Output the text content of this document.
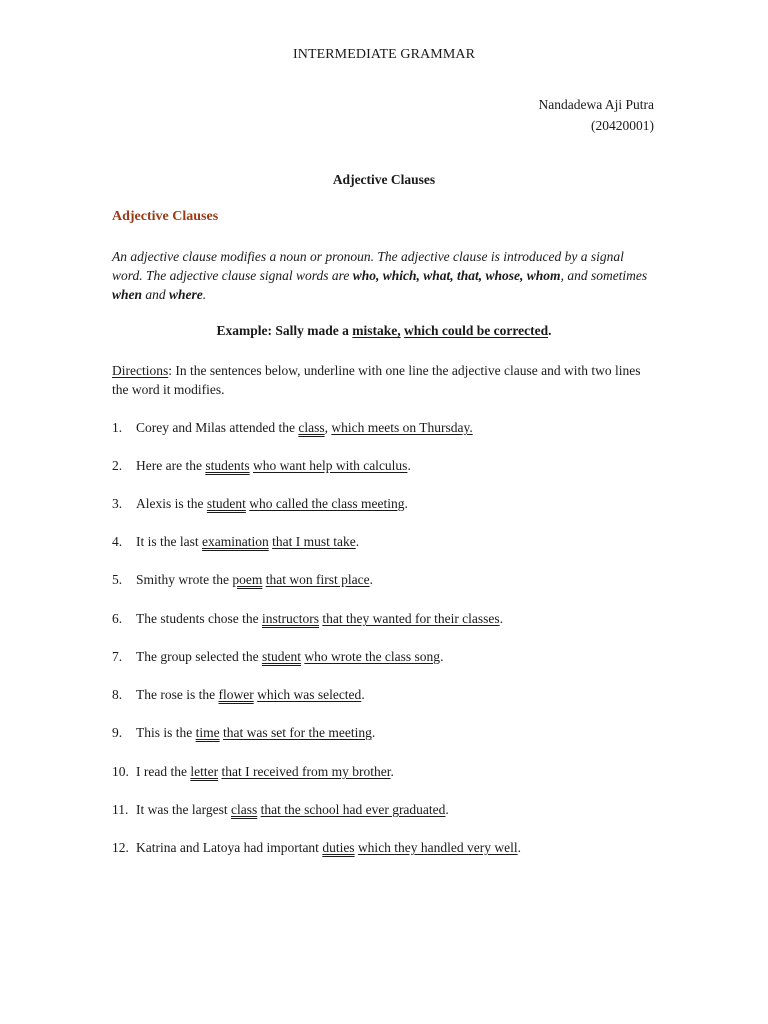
INTERMEDIATE GRAMMAR
Nandadewa Aji Putra
(20420001)
Adjective Clauses
Adjective Clauses
An adjective clause modifies a noun or pronoun. The adjective clause is introduced by a signal word. The adjective clause signal words are who, which, what, that, whose, whom, and sometimes when and where.
Example: Sally made a mistake, which could be corrected.
Directions: In the sentences below, underline with one line the adjective clause and with two lines the word it modifies.
1. Corey and Milas attended the class, which meets on Thursday.
2. Here are the students who want help with calculus.
3. Alexis is the student who called the class meeting.
4. It is the last examination that I must take.
5. Smithy wrote the poem that won first place.
6. The students chose the instructors that they wanted for their classes.
7. The group selected the student who wrote the class song.
8. The rose is the flower which was selected.
9. This is the time that was set for the meeting.
10. I read the letter that I received from my brother.
11. It was the largest class that the school had ever graduated.
12. Katrina and Latoya had important duties which they handled very well.
